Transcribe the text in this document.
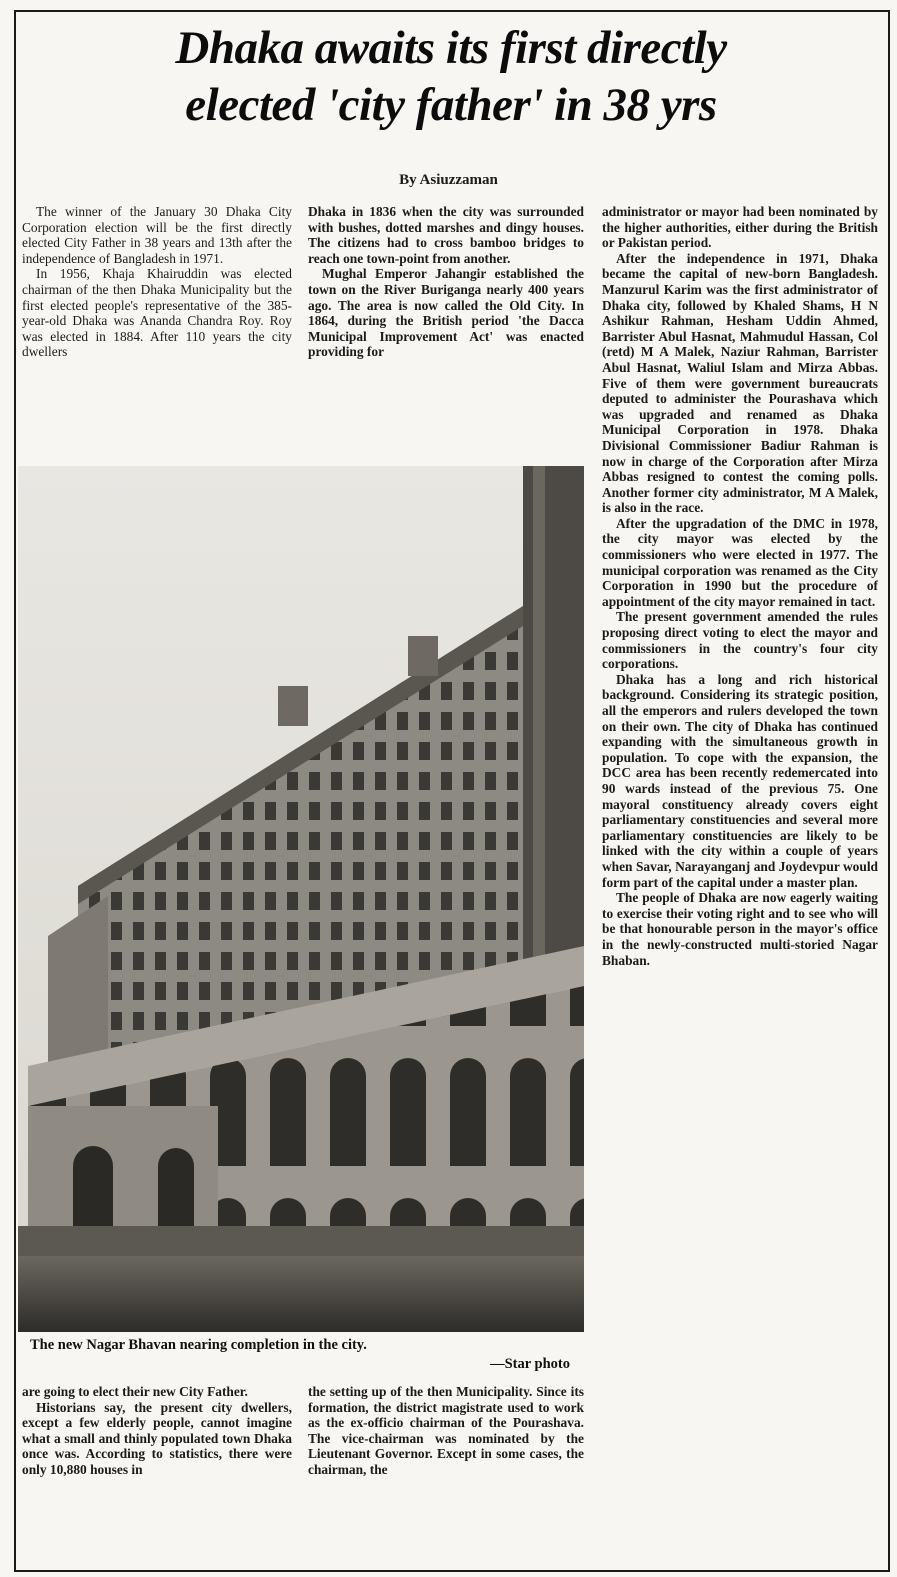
Dhaka awaits its first directly
elected 'city father' in 38 yrs
By Asiuzzaman

The winner of the January 30 Dhaka City Corporation election will be the first directly elected City Father in 38 years and 13th after the independence of Bangladesh in 1971.

In 1956, Khaja Khairuddin was elected chairman of the then Dhaka Municipality but the first elected people's representative of the 385-year-old Dhaka was Ananda Chandra Roy. Roy was elected in 1884. After 110 years the city dwellers

Dhaka in 1836 when the city was surrounded with bushes, dotted marshes and dingy houses. The citizens had to cross bamboo bridges to reach one town-point from another.

Mughal Emperor Jahangir established the town on the River Buriganga nearly 400 years ago. The area is now called the Old City. In 1864, during the British period 'the Dacca Municipal Improvement Act' was enacted providing for

administrator or mayor had been nominated by the higher authorities, either during the British or Pakistan period.

After the independence in 1971, Dhaka became the capital of new-born Bangladesh. Manzurul Karim was the first administrator of Dhaka city, followed by Khaled Shams, H N Ashikur Rahman, Hesham Uddin Ahmed, Barrister Abul Hasnat, Mahmudul Hassan, Col (retd) M A Malek, Naziur Rahman, Barrister Abul Hasnat, Waliul Islam and Mirza Abbas. Five of them were government bureaucrats deputed to administer the Pourashava which was upgraded and renamed as Dhaka Municipal Corporation in 1978. Dhaka Divisional Commissioner Badiur Rahman is now in charge of the Corporation after Mirza Abbas resigned to contest the coming polls. Another former city administrator, M A Malek, is also in the race.

After the upgradation of the DMC in 1978, the city mayor was elected by the commissioners who were elected in 1977. The municipal corporation was renamed as the City Corporation in 1990 but the procedure of appointment of the city mayor remained in tact.

The present government amended the rules proposing direct voting to elect the mayor and commissioners in the country's four city corporations.

Dhaka has a long and rich historical background. Considering its strategic position, all the emperors and rulers developed the town on their own. The city of Dhaka has continued expanding with the simultaneous growth in population. To cope with the expansion, the DCC area has been recently redemercated into 90 wards instead of the previous 75. One mayoral constituency already covers eight parliamentary constituencies and several more parliamentary constituencies are likely to be linked with the city within a couple of years when Savar, Narayanganj and Joydevpur would form part of the capital under a master plan.

The people of Dhaka are now eagerly waiting to exercise their voting right and to see who will be that honourable person in the mayor's office in the newly-constructed multi-storied Nagar Bhaban.

The new Nagar Bhavan nearing completion in the city.
—Star photo

are going to elect their new City Father.

Historians say, the present city dwellers, except a few elderly people, cannot imagine what a small and thinly populated town Dhaka once was. According to statistics, there were only 10,880 houses in

the setting up of the then Municipality. Since its formation, the district magistrate used to work as the ex-officio chairman of the Pourashava. The vice-chairman was nominated by the Lieutenant Governor. Except in some cases, the chairman, the
